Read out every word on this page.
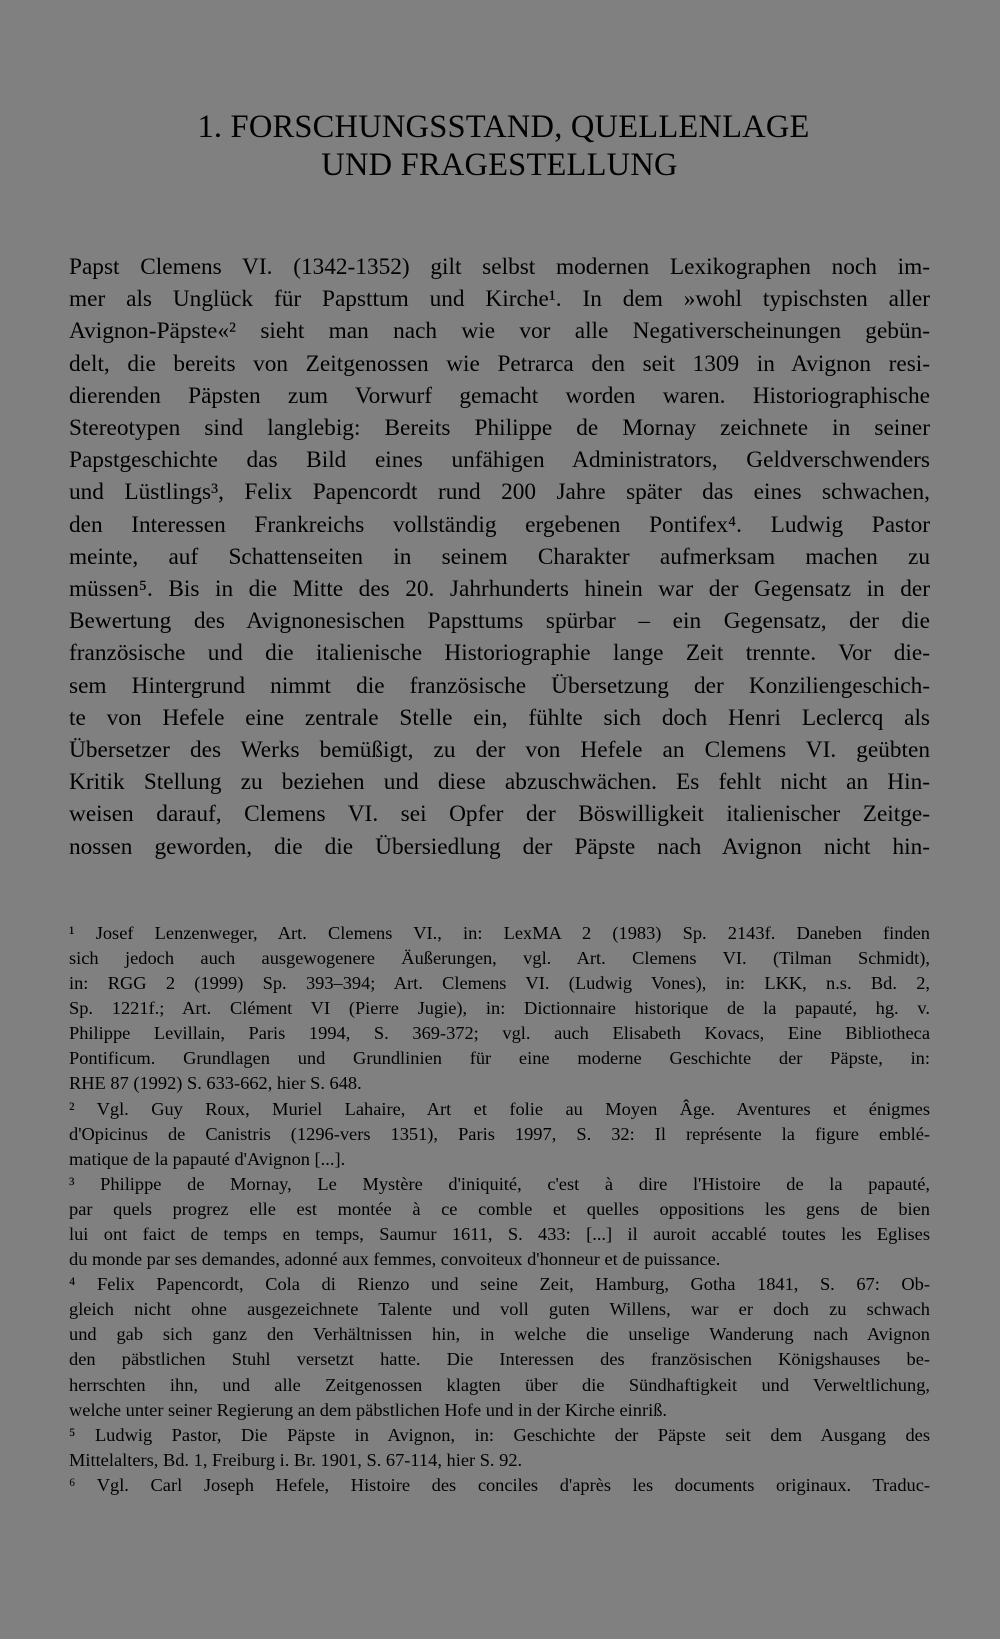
1. FORSCHUNGSSTAND, QUELLENLAGE
UND FRAGESTELLUNG
Papst Clemens VI. (1342-1352) gilt selbst modernen Lexikographen noch im-
mer als Unglück für Papsttum und Kirche¹. In dem »wohl typischsten aller
Avignon-Päpste«² sieht man nach wie vor alle Negativerscheinungen gebün-
delt, die bereits von Zeitgenossen wie Petrarca den seit 1309 in Avignon resi-
dierenden Päpsten zum Vorwurf gemacht worden waren. Historiographische
Stereotypen sind langlebig: Bereits Philippe de Mornay zeichnete in seiner
Papstgeschichte das Bild eines unfähigen Administrators, Geldverschwenders
und Lüstlings³, Felix Papencordt rund 200 Jahre später das eines schwachen,
den Interessen Frankreichs vollständig ergebenen Pontifex⁴. Ludwig Pastor
meinte, auf Schattenseiten in seinem Charakter aufmerksam machen zu
müssen⁵. Bis in die Mitte des 20. Jahrhunderts hinein war der Gegensatz in der
Bewertung des Avignonesischen Papsttums spürbar – ein Gegensatz, der die
französische und die italienische Historiographie lange Zeit trennte. Vor die-
sem Hintergrund nimmt die französische Übersetzung der Konziliengeschich-
te von Hefele eine zentrale Stelle ein, fühlte sich doch Henri Leclercq als
Übersetzer des Werks bemüßigt, zu der von Hefele an Clemens VI. geübten
Kritik Stellung zu beziehen und diese abzuschwächen. Es fehlt nicht an Hin-
weisen darauf, Clemens VI. sei Opfer der Böswilligkeit italienischer Zeitge-
nossen geworden, die die Übersiedlung der Päpste nach Avignon nicht hin-
¹ Josef Lenzenweger, Art. Clemens VI., in: LexMA 2 (1983) Sp. 2143f. Daneben finden
sich jedoch auch ausgewogenere Äußerungen, vgl. Art. Clemens VI. (Tilman Schmidt),
in: RGG 2 (1999) Sp. 393–394; Art. Clemens VI. (Ludwig Vones), in: LKK, n.s. Bd. 2,
Sp. 1221f.; Art. Clément VI (Pierre Jugie), in: Dictionnaire historique de la papauté, hg. v.
Philippe Levillain, Paris 1994, S. 369-372; vgl. auch Elisabeth Kovacs, Eine Bibliotheca
Pontificum. Grundlagen und Grundlinien für eine moderne Geschichte der Päpste, in:
RHE 87 (1992) S. 633-662, hier S. 648.
² Vgl. Guy Roux, Muriel Lahaire, Art et folie au Moyen Âge. Aventures et énigmes
d'Opicinus de Canistris (1296-vers 1351), Paris 1997, S. 32: Il représente la figure emblé-
matique de la papauté d'Avignon [...].
³ Philippe de Mornay, Le Mystère d'iniquité, c'est à dire l'Histoire de la papauté,
par quels progrez elle est montée à ce comble et quelles oppositions les gens de bien
lui ont faict de temps en temps, Saumur 1611, S. 433: [...] il auroit accablé toutes les Eglises
du monde par ses demandes, adonné aux femmes, convoiteux d'honneur et de puissance.
⁴ Felix Papencordt, Cola di Rienzo und seine Zeit, Hamburg, Gotha 1841, S. 67: Ob-
gleich nicht ohne ausgezeichnete Talente und voll guten Willens, war er doch zu schwach
und gab sich ganz den Verhältnissen hin, in welche die unselige Wanderung nach Avignon
den päbstlichen Stuhl versetzt hatte. Die Interessen des französischen Königshauses be-
herrschten ihn, und alle Zeitgenossen klagten über die Sündhaftigkeit und Verweltlichung,
welche unter seiner Regierung an dem päbstlichen Hofe und in der Kirche einriß.
⁵ Ludwig Pastor, Die Päpste in Avignon, in: Geschichte der Päpste seit dem Ausgang des
Mittelalters, Bd. 1, Freiburg i. Br. 1901, S. 67-114, hier S. 92.
⁶ Vgl. Carl Joseph Hefele, Histoire des conciles d'après les documents originaux. Traduc-
